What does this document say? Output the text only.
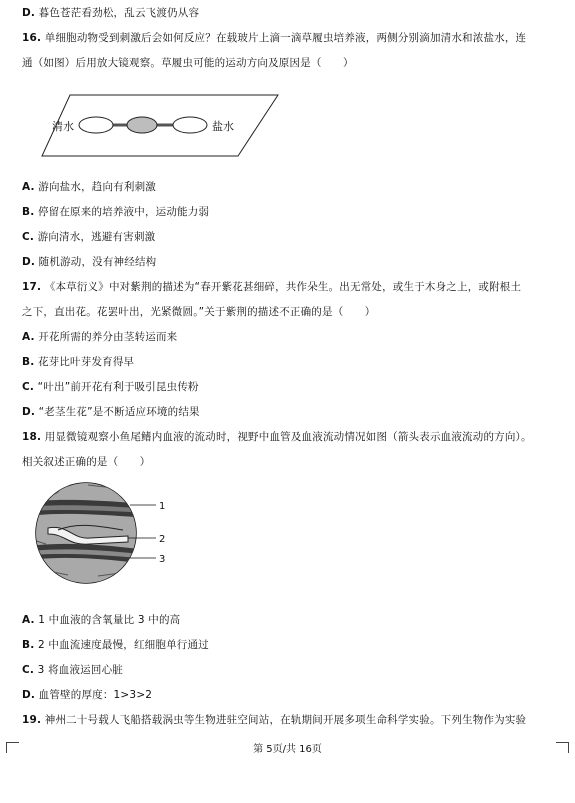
D. 暮色苍茫看劲松，乱云飞渡仍从容
16. 单细胞动物受到刺激后会如何反应？在载玻片上滴一滴草履虫培养液，两侧分别滴加清水和浓盐水，连
通（如图）后用放大镜观察。草履虫可能的运动方向及原因是（　　）
清水	盐水
A. 游向盐水，趋向有利刺激
B. 停留在原来的培养液中，运动能力弱
C. 游向清水，逃避有害刺激
D. 随机游动，没有神经结构
17. 《本草衍义》中对紫荆的描述为“春开紫花甚细碎，共作朵生。出无常处，或生于木身之上，或附根土
之下，直出花。花罢叶出，光紧微圆。”关于紫荆的描述不正确的是（　　）
A. 开花所需的养分由茎转运而来
B. 花芽比叶芽发育得早
C. “叶出”前开花有利于吸引昆虫传粉
D. “老茎生花”是不断适应环境的结果
18. 用显微镜观察小鱼尾鳍内血液的流动时，视野中血管及血液流动情况如图（箭头表示血液流动的方向）。
相关叙述正确的是（　　）
1
2
3
A. 1 中血液的含氧量比 3 中的高
B. 2 中血流速度最慢，红细胞单行通过
C. 3 将血液运回心脏
D. 血管壁的厚度：1>3>2
19. 神州二十号载人飞船搭载涡虫等生物进驻空间站，在轨期间开展多项生命科学实验。下列生物作为实验
第 5页/共 16页
